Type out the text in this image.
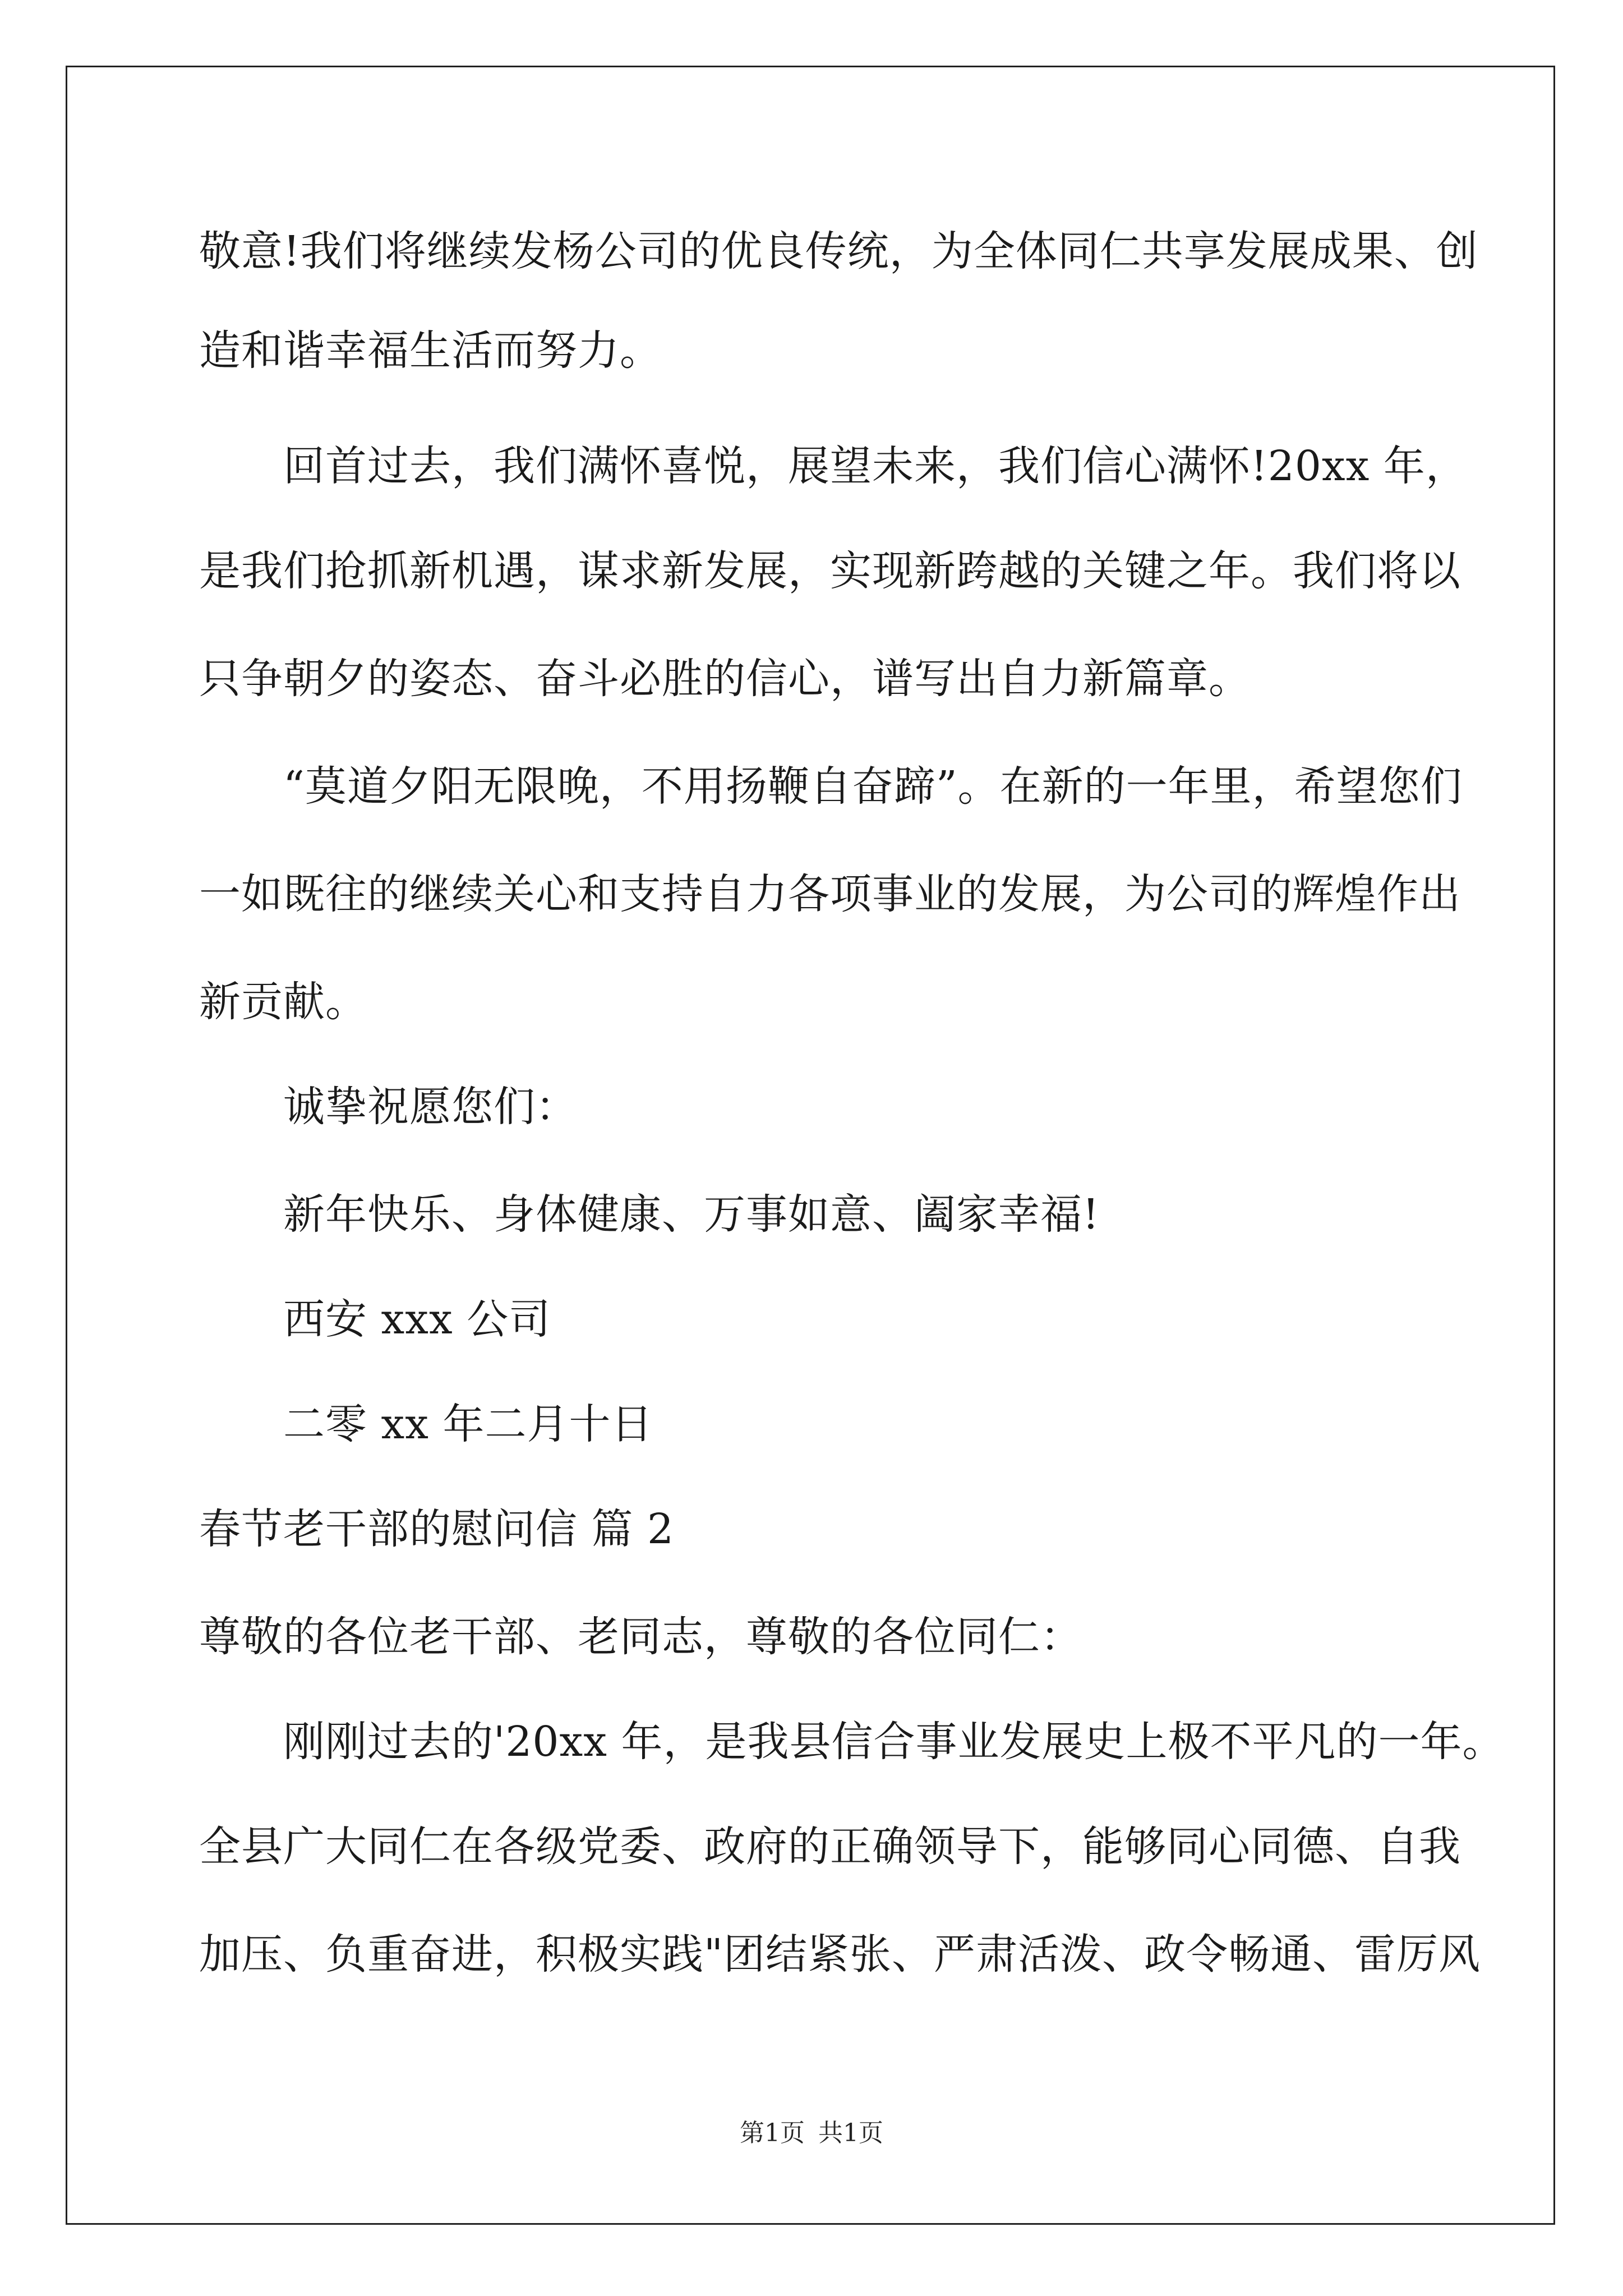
敬意!我们将继续发杨公司的优良传统，为全体同仁共享发展成果、创
造和谐幸福生活而努力。
回首过去，我们满怀喜悦，展望未来，我们信心满怀!20xx 年，
是我们抢抓新机遇，谋求新发展，实现新跨越的关键之年。我们将以
只争朝夕的姿态、奋斗必胜的信心，谱写出自力新篇章。
“莫道夕阳无限晚，不用扬鞭自奋蹄”。在新的一年里，希望您们
一如既往的继续关心和支持自力各项事业的发展，为公司的辉煌作出
新贡献。
诚挚祝愿您们：
新年快乐、身体健康、万事如意、阖家幸福!
西安 xxx 公司
二零 xx 年二月十日
春节老干部的慰问信 篇 2
尊敬的各位老干部、老同志，尊敬的各位同仁：
刚刚过去的'20xx 年，是我县信合事业发展史上极不平凡的一年。
全县广大同仁在各级党委、政府的正确领导下，能够同心同德、自我
加压、负重奋进，积极实践"团结紧张、严肃活泼、政令畅通、雷厉风
第1页 共1页
